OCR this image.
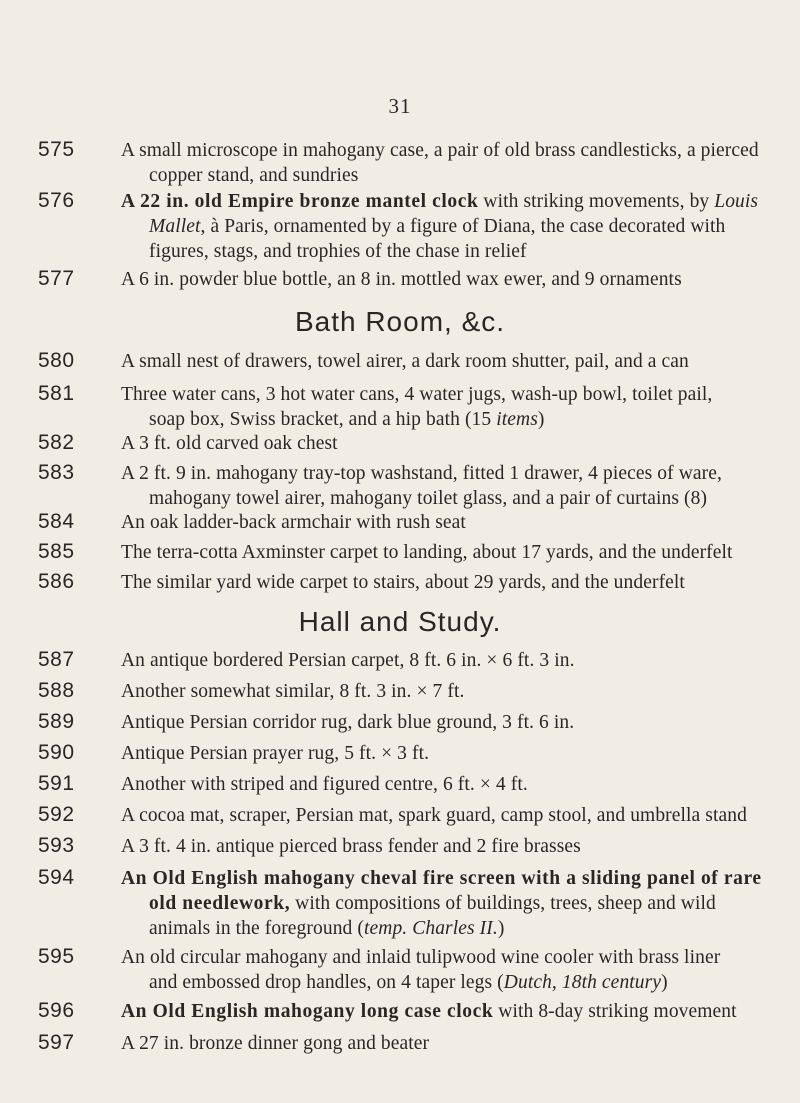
31
575	A small microscope in mahogany case, a pair of old brass candlesticks, a pierced
copper stand, and sundries
576	A 22 in. old Empire bronze mantel clock with striking movements, by Louis
Mallet, à Paris, ornamented by a figure of Diana, the case decorated with
figures, stags, and trophies of the chase in relief
577	A 6 in. powder blue bottle, an 8 in. mottled wax ewer, and 9 ornaments
Bath Room, &c.
580	A small nest of drawers, towel airer, a dark room shutter, pail, and a can
581	Three water cans, 3 hot water cans, 4 water jugs, wash-up bowl, toilet pail,
soap box, Swiss bracket, and a hip bath (15 items)
582	A 3 ft. old carved oak chest
583	A 2 ft. 9 in. mahogany tray-top washstand, fitted 1 drawer, 4 pieces of ware,
mahogany towel airer, mahogany toilet glass, and a pair of curtains (8)
584	An oak ladder-back armchair with rush seat
585	The terra-cotta Axminster carpet to landing, about 17 yards, and the underfelt
586	The similar yard wide carpet to stairs, about 29 yards, and the underfelt
Hall and Study.
587	An antique bordered Persian carpet, 8 ft. 6 in. × 6 ft. 3 in.
588	Another somewhat similar, 8 ft. 3 in. × 7 ft.
589	Antique Persian corridor rug, dark blue ground, 3 ft. 6 in.
590	Antique Persian prayer rug, 5 ft. × 3 ft.
591	Another with striped and figured centre, 6 ft. × 4 ft.
592	A cocoa mat, scraper, Persian mat, spark guard, camp stool, and umbrella stand
593	A 3 ft. 4 in. antique pierced brass fender and 2 fire brasses
594	An Old English mahogany cheval fire screen with a sliding panel of rare
old needlework, with compositions of buildings, trees, sheep and wild
animals in the foreground (temp. Charles II.)
595	An old circular mahogany and inlaid tulipwood wine cooler with brass liner
and embossed drop handles, on 4 taper legs (Dutch, 18th century)
596	An Old English mahogany long case clock with 8-day striking movement
597	A 27 in. bronze dinner gong and beater
